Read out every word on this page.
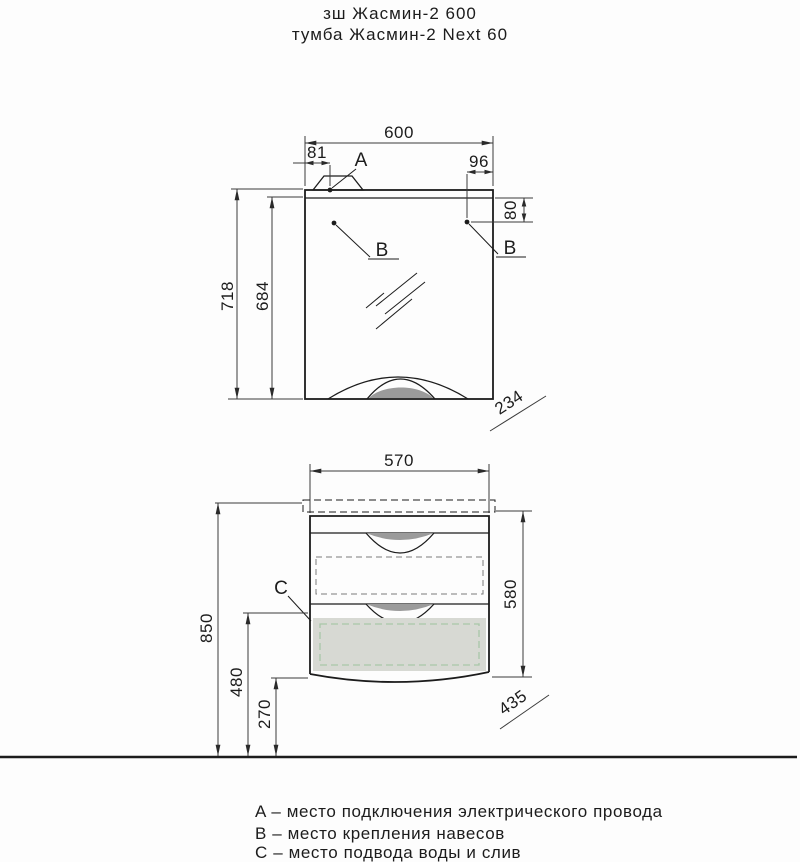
зш Жасмин-2 600
тумба Жасмин-2 Next 60
600
81 A	96
B	B
80
718 684
234
570
C
850
480
270
580
435
A – место подключения электрического провода
B – место крепления навесов
C – место подвода воды и слив
